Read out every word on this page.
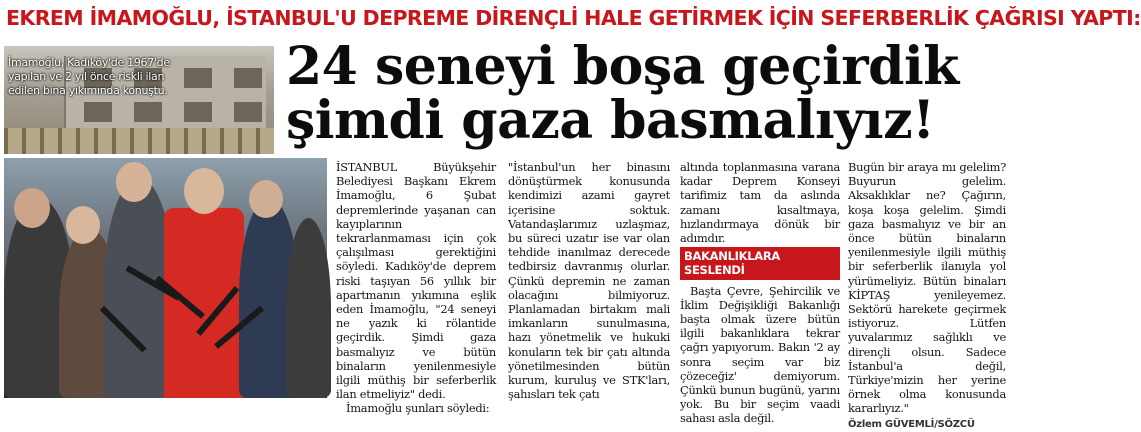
EKREM İMAMOĞLU, İSTANBUL'U DEPREME DİRENÇLİ HALE GETİRMEK İÇİN SEFERBERLİK ÇAĞRISI YAPTI:
İmamoğlu, Kadıköy'de 1967'de yapılan ve 2 yıl önce riskli ilan edilen bina yıkımında konuştu. 24 seneyi boşa geçirdik
şimdi gaza basmalıyız!

İSTANBUL Büyükşehir Belediyesi Başkanı Ekrem İmamoğlu, 6 Şubat depremlerinde yaşanan can kayıplarının tekrarlanmaması için çok çalışılması gerektiğini söyledi. Kadıköy'de deprem riski taşıyan 56 yıllık bir apartmanın yıkımına eşlik eden İmamoğlu, "24 seneyi ne yazık ki rölantide geçirdik. Şimdi gaza basmalıyız ve bütün binaların yenilenmesiyle ilgili müthiş bir seferberlik ilan etmeliyiz" dedi.

İmamoğlu şunları söyledi:

"İstanbul'un her binasını dönüştürmek konusunda kendimizi azami gayret içerisine soktuk. Vatandaşlarımız uzlaşmaz, bu süreci uzatır ise var olan tehdide inanılmaz derecede tedbirsiz davranmış olurlar. Çünkü depremin ne zaman olacağını bilmiyoruz. Planlamadan birtakım mali imkanların sunulmasına, hazı yönetmelik ve hukuki konuların tek bir çatı altında yönetilmesinden bütün kurum, kuruluş ve STK'ları, şahısları tek çatı

altında toplanmasına varana kadar Deprem Konseyi tarifimiz tam da aslında zamanı kısaltmaya, hızlandırmaya dönük bir adımdır.

BAKANLIKLARA SESLENDİ

Başta Çevre, Şehircilik ve İklim Değişikliği Bakanlığı başta olmak üzere bütün ilgili bakanlıklara tekrar çağrı yapıyorum. Bakın '2 ay sonra seçim var biz çözeceğiz' demiyorum. Çünkü bunun bugünü, yarını yok. Bu bir seçim vaadi sahası asla değil.

Bugün bir araya mı gelelim? Buyurun gelelim. Aksaklıklar ne? Çağırın, koşa koşa gelelim. Şimdi gaza basmalıyız ve bir an önce bütün binaların yenilenmesiyle ilgili müthiş bir seferberlik ilanıyla yol yürümeliyiz. Bütün binaları KİPTAŞ yenileyemez. Sektörü harekete geçirmek istiyoruz. Lütfen yuvalarımız sağlıklı ve dirençli olsun. Sadece İstanbul'a değil, Türkiye'mizin her yerine örnek olma konusunda kararlıyız."

Özlem GÜVEMLİ/SÖZCÜ
